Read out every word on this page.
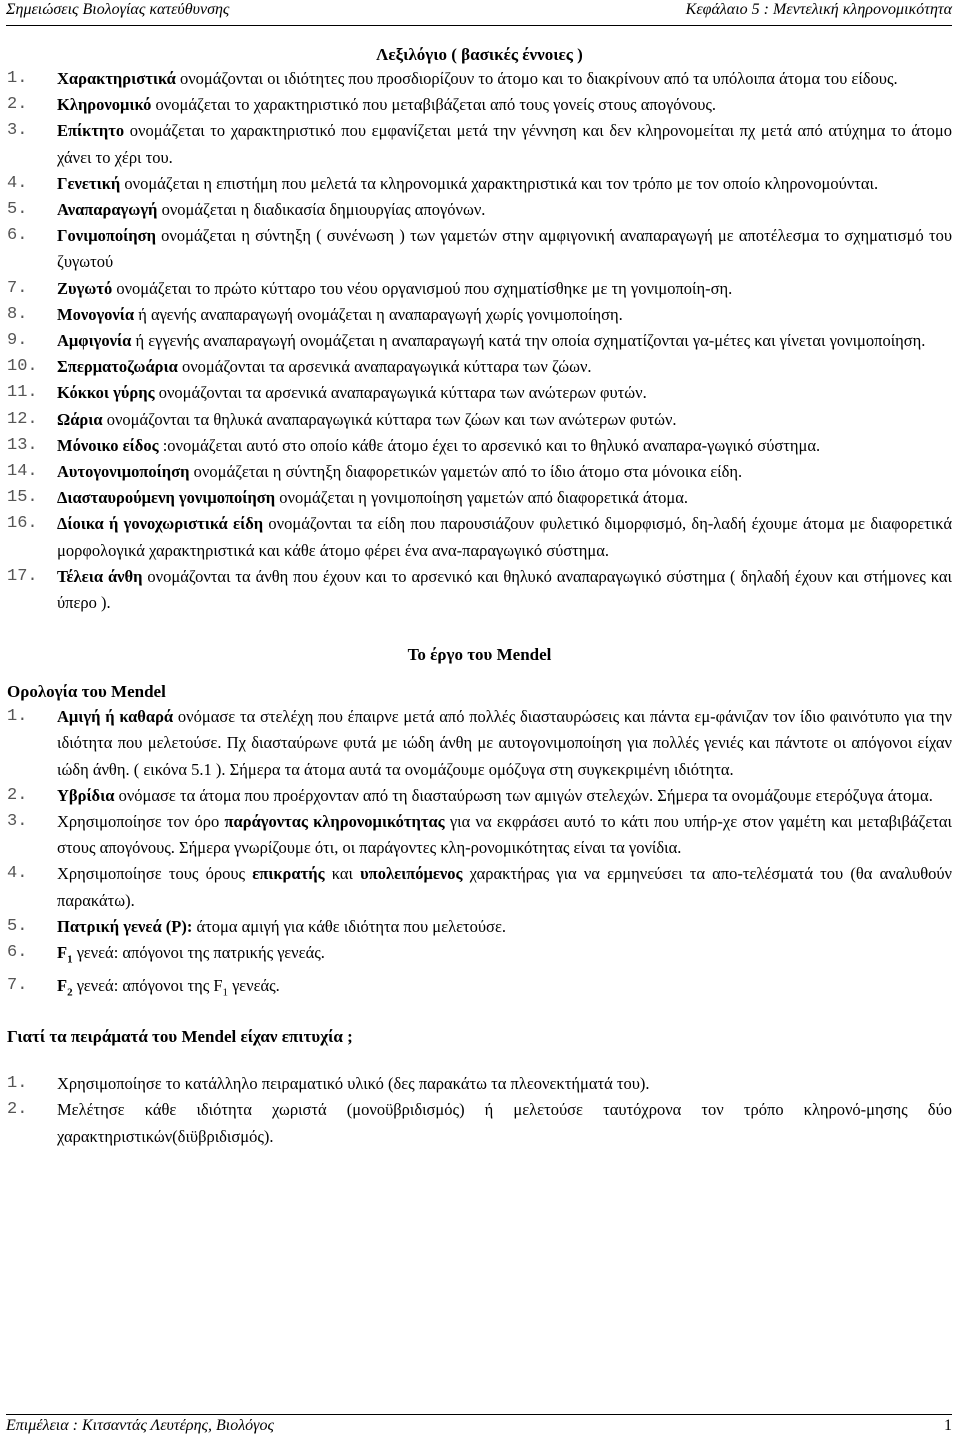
Σημειώσεις Βιολογίας κατεύθυνσης	Κεφάλαιο 5 : Μεντελική κληρονομικότητα
Λεξιλόγιο ( βασικές έννοιες )
1. Χαρακτηριστικά ονομάζονται οι ιδιότητες που προσδιορίζουν το άτομο και το διακρίνουν από τα υπόλοιπα άτομα του είδους.
2. Κληρονομικό ονομάζεται το χαρακτηριστικό που μεταβιβάζεται από τους γονείς στους απογόνους.
3. Επίκτητο ονομάζεται το χαρακτηριστικό που εμφανίζεται μετά την γέννηση και δεν κληρονομείται πχ μετά από ατύχημα το άτομο χάνει το χέρι του.
4. Γενετική ονομάζεται η επιστήμη που μελετά τα κληρονομικά χαρακτηριστικά και τον τρόπο με τον οποίο κληρονομούνται.
5. Αναπαραγωγή ονομάζεται η διαδικασία δημιουργίας απογόνων.
6. Γονιμοποίηση ονομάζεται η σύντηξη ( συνένωση ) των γαμετών στην αμφιγονική αναπαραγωγή με αποτέλεσμα το σχηματισμό του ζυγωτού
7. Ζυγωτό ονομάζεται το πρώτο κύτταρο του νέου οργανισμού που σχηματίσθηκε με τη γονιμοποίη-ση.
8. Μονογονία ή αγενής αναπαραγωγή ονομάζεται η αναπαραγωγή χωρίς γονιμοποίηση.
9. Αμφιγονία ή εγγενής αναπαραγωγή ονομάζεται η αναπαραγωγή κατά την οποία σχηματίζονται γα-μέτες και γίνεται γονιμοποίηση.
10. Σπερματοζωάρια ονομάζονται τα αρσενικά αναπαραγωγικά κύτταρα των ζώων.
11. Κόκκοι γύρης ονομάζονται τα αρσενικά αναπαραγωγικά κύτταρα των ανώτερων φυτών.
12. Ωάρια ονομάζονται τα θηλυκά αναπαραγωγικά κύτταρα των ζώων και των ανώτερων φυτών.
13. Μόνοικο είδος :ονομάζεται αυτό στο οποίο κάθε άτομο έχει το αρσενικό και το θηλυκό αναπαρα-γωγικό σύστημα.
14. Αυτογονιμοποίηση ονομάζεται η σύντηξη διαφορετικών γαμετών από το ίδιο άτομο στα μόνοικα είδη.
15. Διασταυρούμενη γονιμοποίηση ονομάζεται η γονιμοποίηση γαμετών από διαφορετικά άτομα.
16. Δίοικα ή γονοχωριστικά είδη ονομάζονται τα είδη που παρουσιάζουν φυλετικό διμορφισμό, δη-λαδή έχουμε άτομα με διαφορετικά μορφολογικά χαρακτηριστικά και κάθε άτομο φέρει ένα ανα-παραγωγικό σύστημα.
17. Τέλεια άνθη ονομάζονται τα άνθη που έχουν και το αρσενικό και θηλυκό αναπαραγωγικό σύστημα ( δηλαδή έχουν και στήμονες και ύπερο ).
Το έργο του Mendel
Ορολογία του Mendel
1. Αμιγή ή καθαρά ονόμασε τα στελέχη που έπαιρνε μετά από πολλές διασταυρώσεις και πάντα εμ-φάνιζαν τον ίδιο φαινότυπο για την ιδιότητα που μελετούσε. Πχ διασταύρωνε φυτά με ιώδη άνθη με αυτογονιμοποίηση για πολλές γενιές και πάντοτε οι απόγονοι είχαν ιώδη άνθη. ( εικόνα 5.1 ). Σήμερα τα άτομα αυτά τα ονομάζουμε ομόζυγα στη συγκεκριμένη ιδιότητα.
2. Υβρίδια ονόμασε τα άτομα που προέρχονταν από τη διασταύρωση των αμιγών στελεχών. Σήμερα τα ονομάζουμε ετερόζυγα άτομα.
3. Χρησιμοποίησε τον όρο παράγοντας κληρονομικότητας για να εκφράσει αυτό το κάτι που υπήρ-χε στον γαμέτη και μεταβιβάζεται στους απογόνους. Σήμερα γνωρίζουμε ότι, οι παράγοντες κλη-ρονομικότητας είναι τα γονίδια.
4. Χρησιμοποίησε τους όρους επικρατής και υπολειπόμενος χαρακτήρας για να ερμηνεύσει τα απο-τελέσματά του (θα αναλυθούν παρακάτω).
5. Πατρική γενεά (P): άτομα αμιγή για κάθε ιδιότητα που μελετούσε.
6. $F_1$ γενεά: απόγονοι της πατρικής γενεάς.
7. $F_2$ γενεά: απόγονοι της $F_1$ γενεάς.
Γιατί τα πειράματά του Mendel είχαν επιτυχία ;
1. Χρησιμοποίησε το κατάλληλο πειραματικό υλικό (δες παρακάτω τα πλεονεκτήματά του).
2. Μελέτησε κάθε ιδιότητα χωριστά (μονοϋβριδισμός) ή μελετούσε ταυτόχρονα τον τρόπο κληρονό-μησης δύο χαρακτηριστικών(διϋβριδισμός).
Επιμέλεια : Κιτσαντάς Λευτέρης, Βιολόγος	1
